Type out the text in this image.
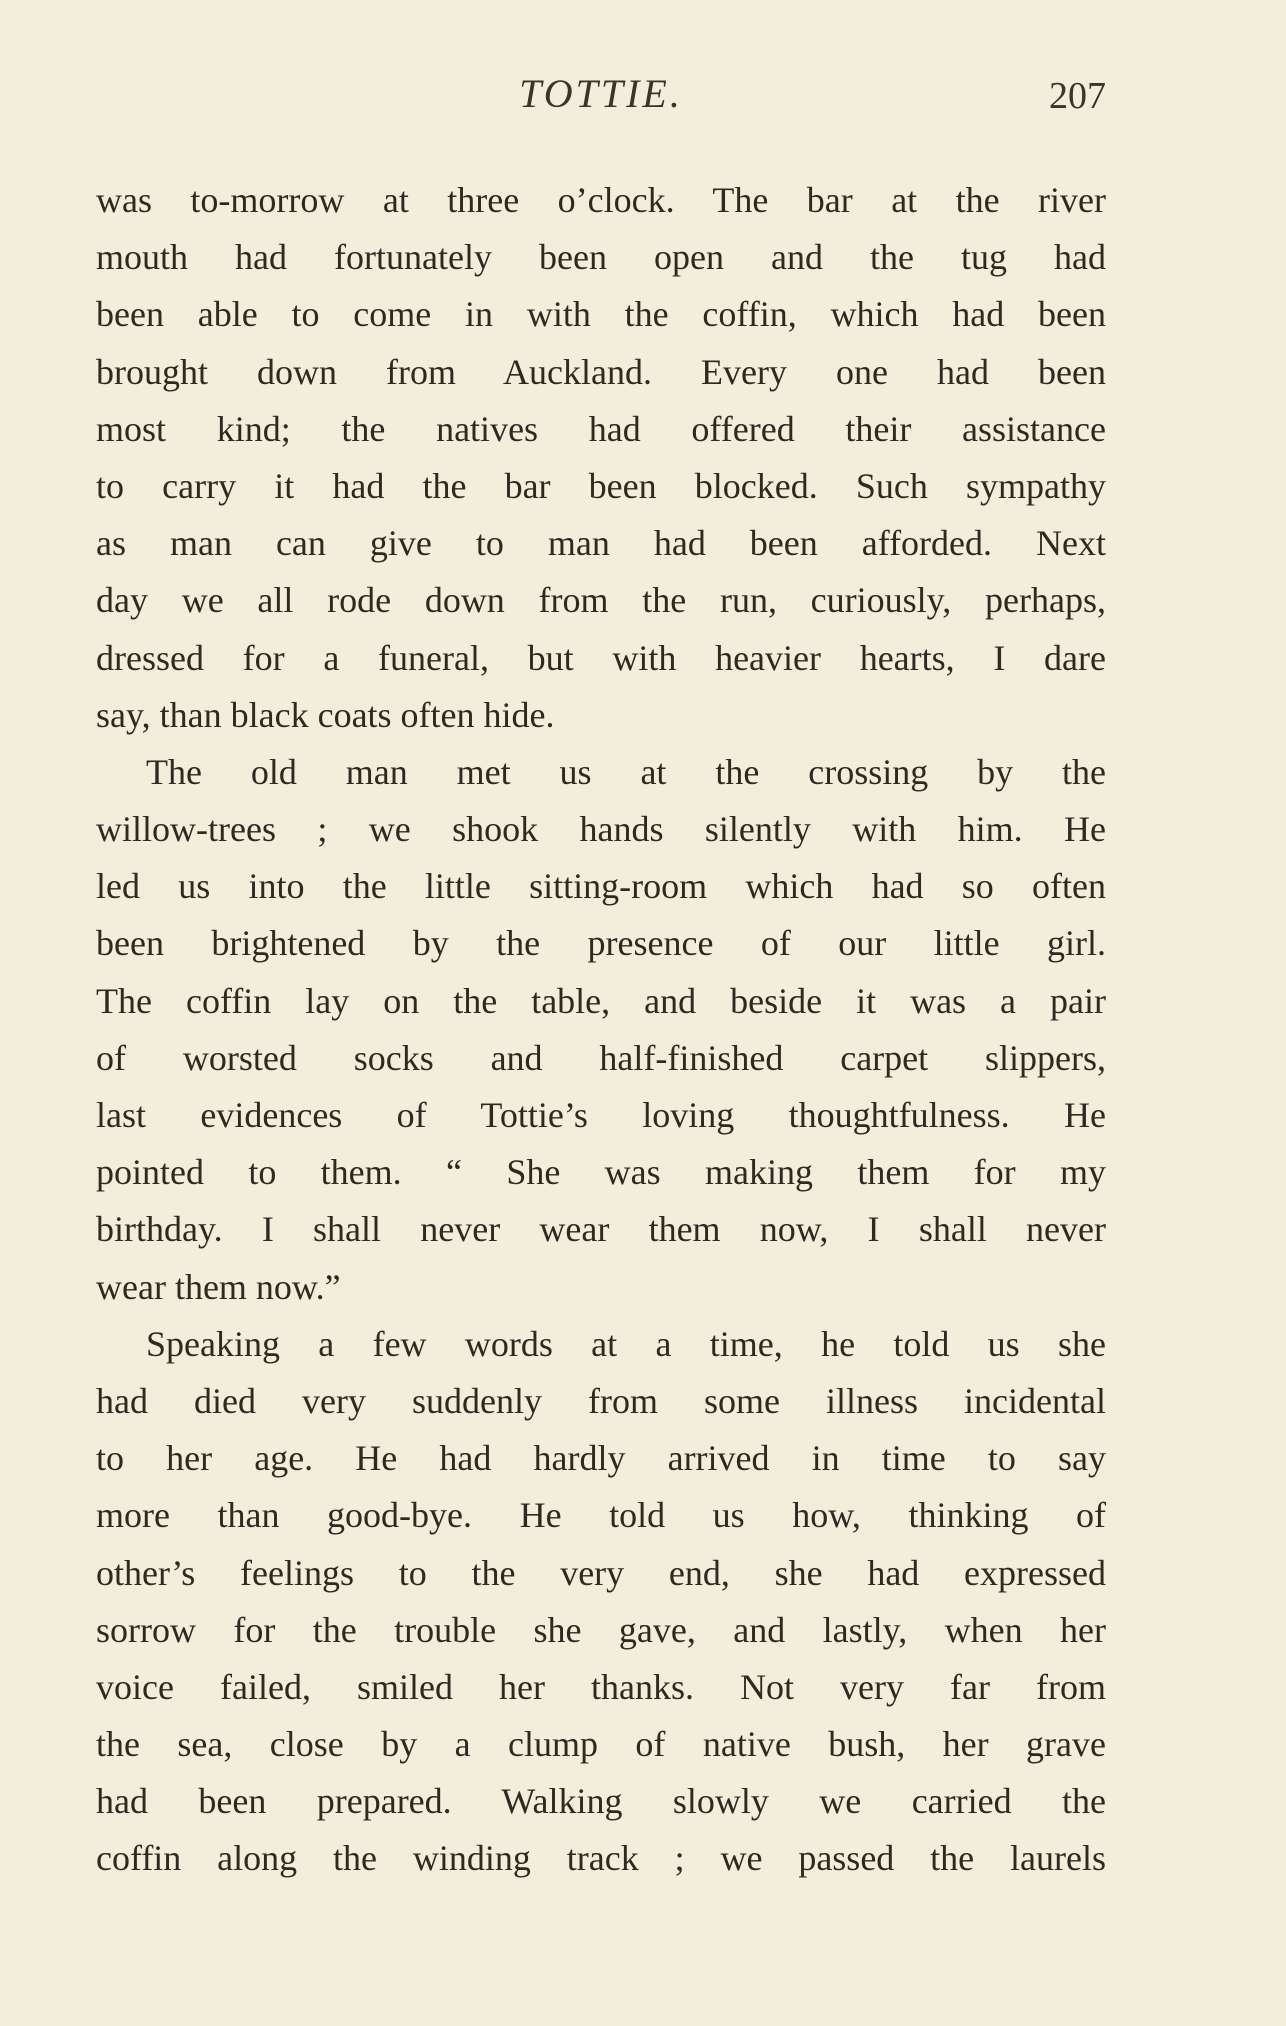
TOTTIE.	207
was to-morrow at three o’clock. The bar at the river
mouth had fortunately been open and the tug had
been able to come in with the coffin, which had been
brought down from Auckland. Every one had been
most kind; the natives had offered their assistance
to carry it had the bar been blocked. Such sympathy
as man can give to man had been afforded. Next
day we all rode down from the run, curiously, perhaps,
dressed for a funeral, but with heavier hearts, I dare
say, than black coats often hide.
The old man met us at the crossing by the
willow-trees ; we shook hands silently with him. He
led us into the little sitting-room which had so often
been brightened by the presence of our little girl.
The coffin lay on the table, and beside it was a pair
of worsted socks and half-finished carpet slippers,
last evidences of Tottie’s loving thoughtfulness. He
pointed to them. “ She was making them for my
birthday. I shall never wear them now, I shall never
wear them now.”
Speaking a few words at a time, he told us she
had died very suddenly from some illness incidental
to her age. He had hardly arrived in time to say
more than good-bye. He told us how, thinking of
other’s feelings to the very end, she had expressed
sorrow for the trouble she gave, and lastly, when her
voice failed, smiled her thanks. Not very far from
the sea, close by a clump of native bush, her grave
had been prepared. Walking slowly we carried the
coffin along the winding track ; we passed the laurels
